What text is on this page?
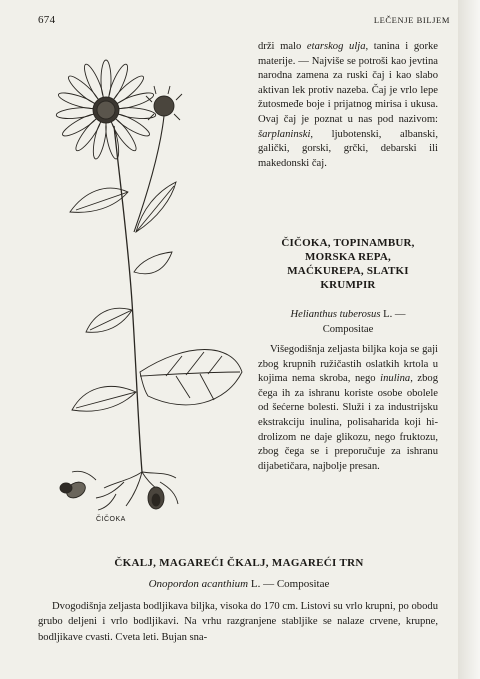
674	LEČENJE BILJEM
ČIČOKA

drži malo etarskog ulja, tanina i gorke materije. — Najviše se potroši kao jevtina narodna zamena za ruski čaj i kao slabo aktivan lek protiv nazeba. Čaj je vrlo lepe žutosmeđe boje i prijatnog mirisa i ukusa. Ovaj čaj je poznat u nas pod nazivom: šarplaninski, ljubotenski, albanski, galički, gorski, grčki, debarski ili makedonski čaj.

ČIČOKA, TOPINAMBUR,
MORSKA REPA,
MAĆKUREPA, SLATKI
KRUMPIR
Helianthus tuberosus L. —
Compositae

Višegodišnja zeljasta biljka koja se gaji zbog krupnih ružičastih oslatkih krtola u kojima nema skroba, nego inulina, zbog čega ih za ishranu koriste osobe obolele od šećerne bolesti. Služi i za industrijsku ekstrakciju inulina, polisaharida koji hidrolizom ne daje glikozu, nego fruktozu, zbog čega se i preporučuje za ishranu dijabetičara, najbolje presan.

ČKALJ, MAGAREĆI ČKALJ, MAGAREĆI TRN
Onopordon acanthium L. — Compositae

Dvogodišnja zeljasta bodljikava biljka, visoka do 170 cm. Listovi su vrlo krupni, po obodu grubo deljeni i vrlo bodljikavi. Na vrhu razgranjene stabljike se nalaze crvene, krupne, bodljikave cvasti. Cveta leti. Bujan sna-
